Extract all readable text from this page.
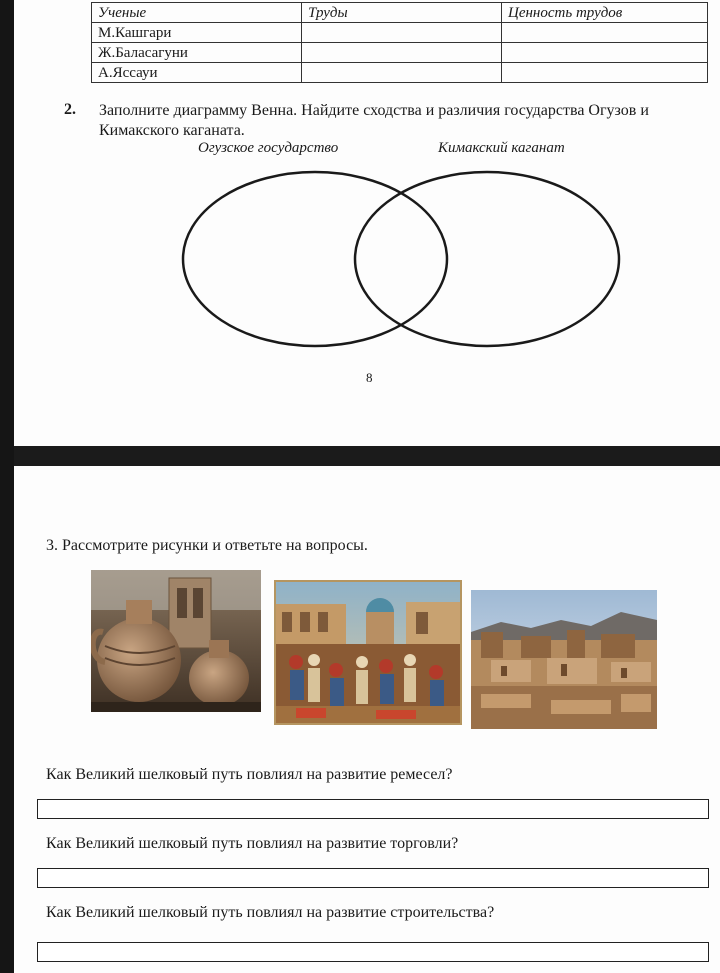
Ученые	Труды	Ценность трудов
М.Кашгари		
Ж.Баласагуни		
А.Яссауи		
2. Заполните диаграмму Венна. Найдите сходства и различия государства Огузов и Кимакского каганата.
Огузское государство	Кимакский каганат
8
3. Рассмотрите рисунки и ответьте на вопросы.
Как Великий шелковый путь повлиял на развитие ремесел?
Как Великий шелковый путь повлиял на развитие торговли?
Как Великий шелковый путь повлиял на развитие строительства?
